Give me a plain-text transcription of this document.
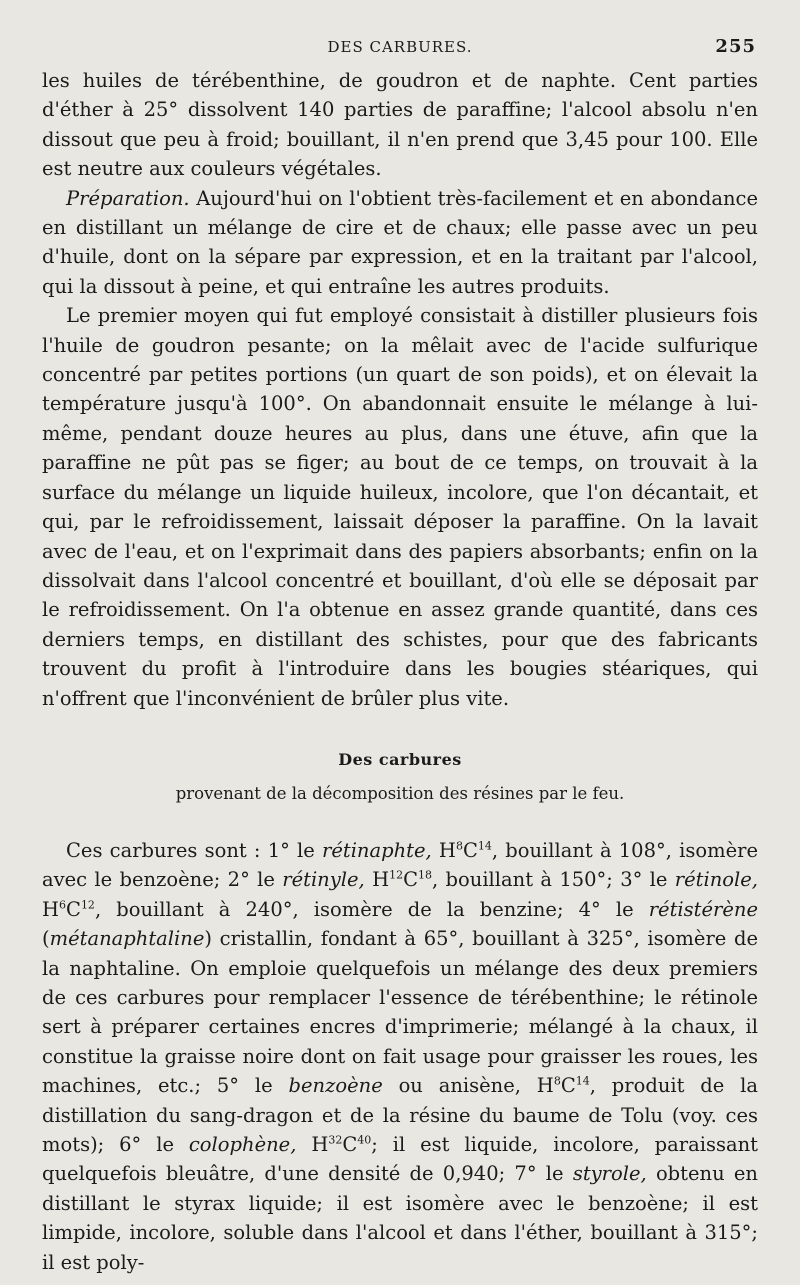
DES CARBURES.	255

les huiles de térébenthine, de goudron et de naphte. Cent parties d'éther à 25° dissolvent 140 parties de paraffine; l'alcool absolu n'en dissout que peu à froid; bouillant, il n'en prend que 3,45 pour 100. Elle est neutre aux couleurs végétales.

Préparation. Aujourd'hui on l'obtient très-facilement et en abondance en distillant un mélange de cire et de chaux; elle passe avec un peu d'huile, dont on la sépare par expression, et en la traitant par l'alcool, qui la dissout à peine, et qui entraîne les autres produits.

Le premier moyen qui fut employé consistait à distiller plusieurs fois l'huile de goudron pesante; on la mêlait avec de l'acide sulfurique concentré par petites portions (un quart de son poids), et on élevait la température jusqu'à 100°. On abandonnait ensuite le mélange à lui-même, pendant douze heures au plus, dans une étuve, afin que la paraffine ne pût pas se figer; au bout de ce temps, on trouvait à la surface du mélange un liquide huileux, incolore, que l'on décantait, et qui, par le refroidissement, laissait déposer la paraffine. On la lavait avec de l'eau, et on l'exprimait dans des papiers absorbants; enfin on la dissolvait dans l'alcool concentré et bouillant, d'où elle se déposait par le refroidissement. On l'a obtenue en assez grande quantité, dans ces derniers temps, en distillant des schistes, pour que des fabricants trouvent du profit à l'introduire dans les bougies stéariques, qui n'offrent que l'inconvénient de brûler plus vite.

Des carbures
provenant de la décomposition des résines par le feu.

Ces carbures sont : 1° le rétinaphte, $H^8C^{14}$, bouillant à 108°, isomère avec le benzoène; 2° le rétinyle, $H^{12}C^{18}$, bouillant à 150°; 3° le rétinole, $H^6C^{12}$, bouillant à 240°, isomère de la benzine; 4° le rétistérène (métanaphtaline) cristallin, fondant à 65°, bouillant à 325°, isomère de la naphtaline. On emploie quelquefois un mélange des deux premiers de ces carbures pour remplacer l'essence de térébenthine; le rétinole sert à préparer certaines encres d'imprimerie; mélangé à la chaux, il constitue la graisse noire dont on fait usage pour graisser les roues, les machines, etc.; 5° le benzoène ou anisène, $H^8C^{14}$, produit de la distillation du sang-dragon et de la résine du baume de Tolu (voy. ces mots); 6° le colophène, $H^{32}C^{40}$; il est liquide, incolore, paraissant quelquefois bleuâtre, d'une densité de 0,940; 7° le styrole, obtenu en distillant le styrax liquide; il est isomère avec le benzoène; il est limpide, incolore, soluble dans l'alcool et dans l'éther, bouillant à 315°; il est poly-
